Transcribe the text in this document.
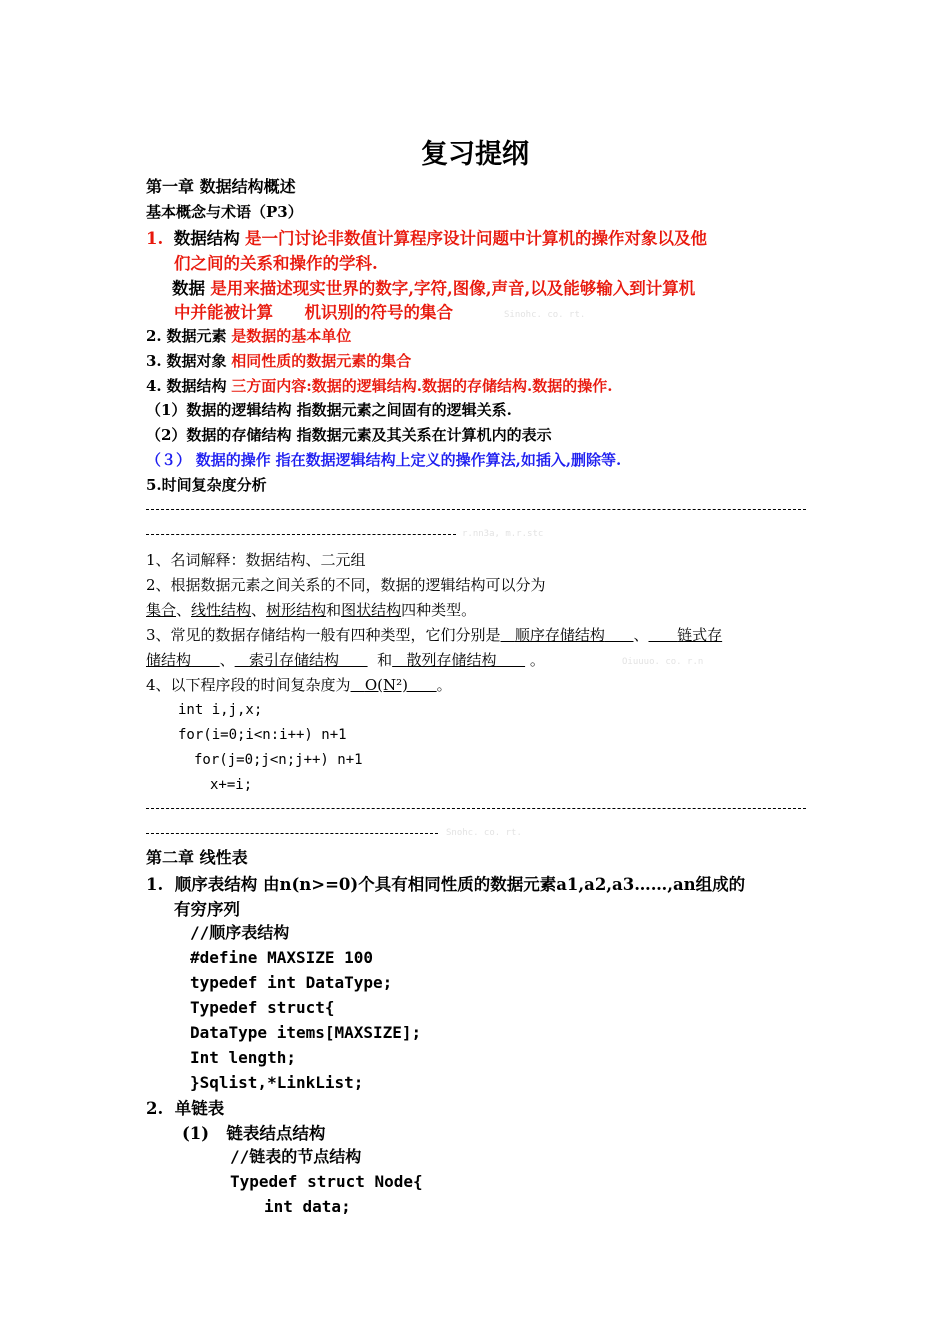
复习提纲
第一章 数据结构概述
基本概念与术语（P3）
1. 数据结构 是一门讨论非数值计算程序设计问题中计算机的操作对象以及他
们之间的关系和操作的学科.
数据 是用来描述现实世界的数字,字符,图像,声音,以及能够输入到计算机
中并能被计算 机识别的符号的集合	Sinohc. co. rt.
2. 数据元素 是数据的基本单位
3. 数据对象 相同性质的数据元素的集合
4. 数据结构 三方面内容:数据的逻辑结构.数据的存储结构.数据的操作.
（1）数据的逻辑结构 指数据元素之间固有的逻辑关系.
（2）数据的存储结构 指数据元素及其关系在计算机内的表示
（３） 数据的操作 指在数据逻辑结构上定义的操作算法,如插入,删除等.
5.时间复杂度分析
r.nn3a, m.r.stc
1、名词解释：数据结构、二元组
2、根据数据元素之间关系的不同，数据的逻辑结构可以分为
集合、线性结构、树形结构和图状结构四种类型。
3、常见的数据存储结构一般有四种类型，它们分别是 顺序存储结构 、 链式存
储结构 、 索引存储结构	和 散列存储结构 。	Oiuuuo. co. r.n
4、以下程序段的时间复杂度为 O(N²) 。
int i,j,x;
for(i=0;i<n:i++) n+1
for(j=0;j<n;j++) n+1
x+=i;
Snohc. co. rt.
第二章 线性表
1. 顺序表结构 由n(n>=0)个具有相同性质的数据元素a1,a2,a3……,an组成的
有穷序列
//顺序表结构
#define MAXSIZE 100
typedef int DataType;
Typedef struct{
DataType items[MAXSIZE];
Int length;
}Sqlist,*LinkList;
2. 单链表
(1) 链表结点结构
//链表的节点结构
Typedef struct Node{
int data;
